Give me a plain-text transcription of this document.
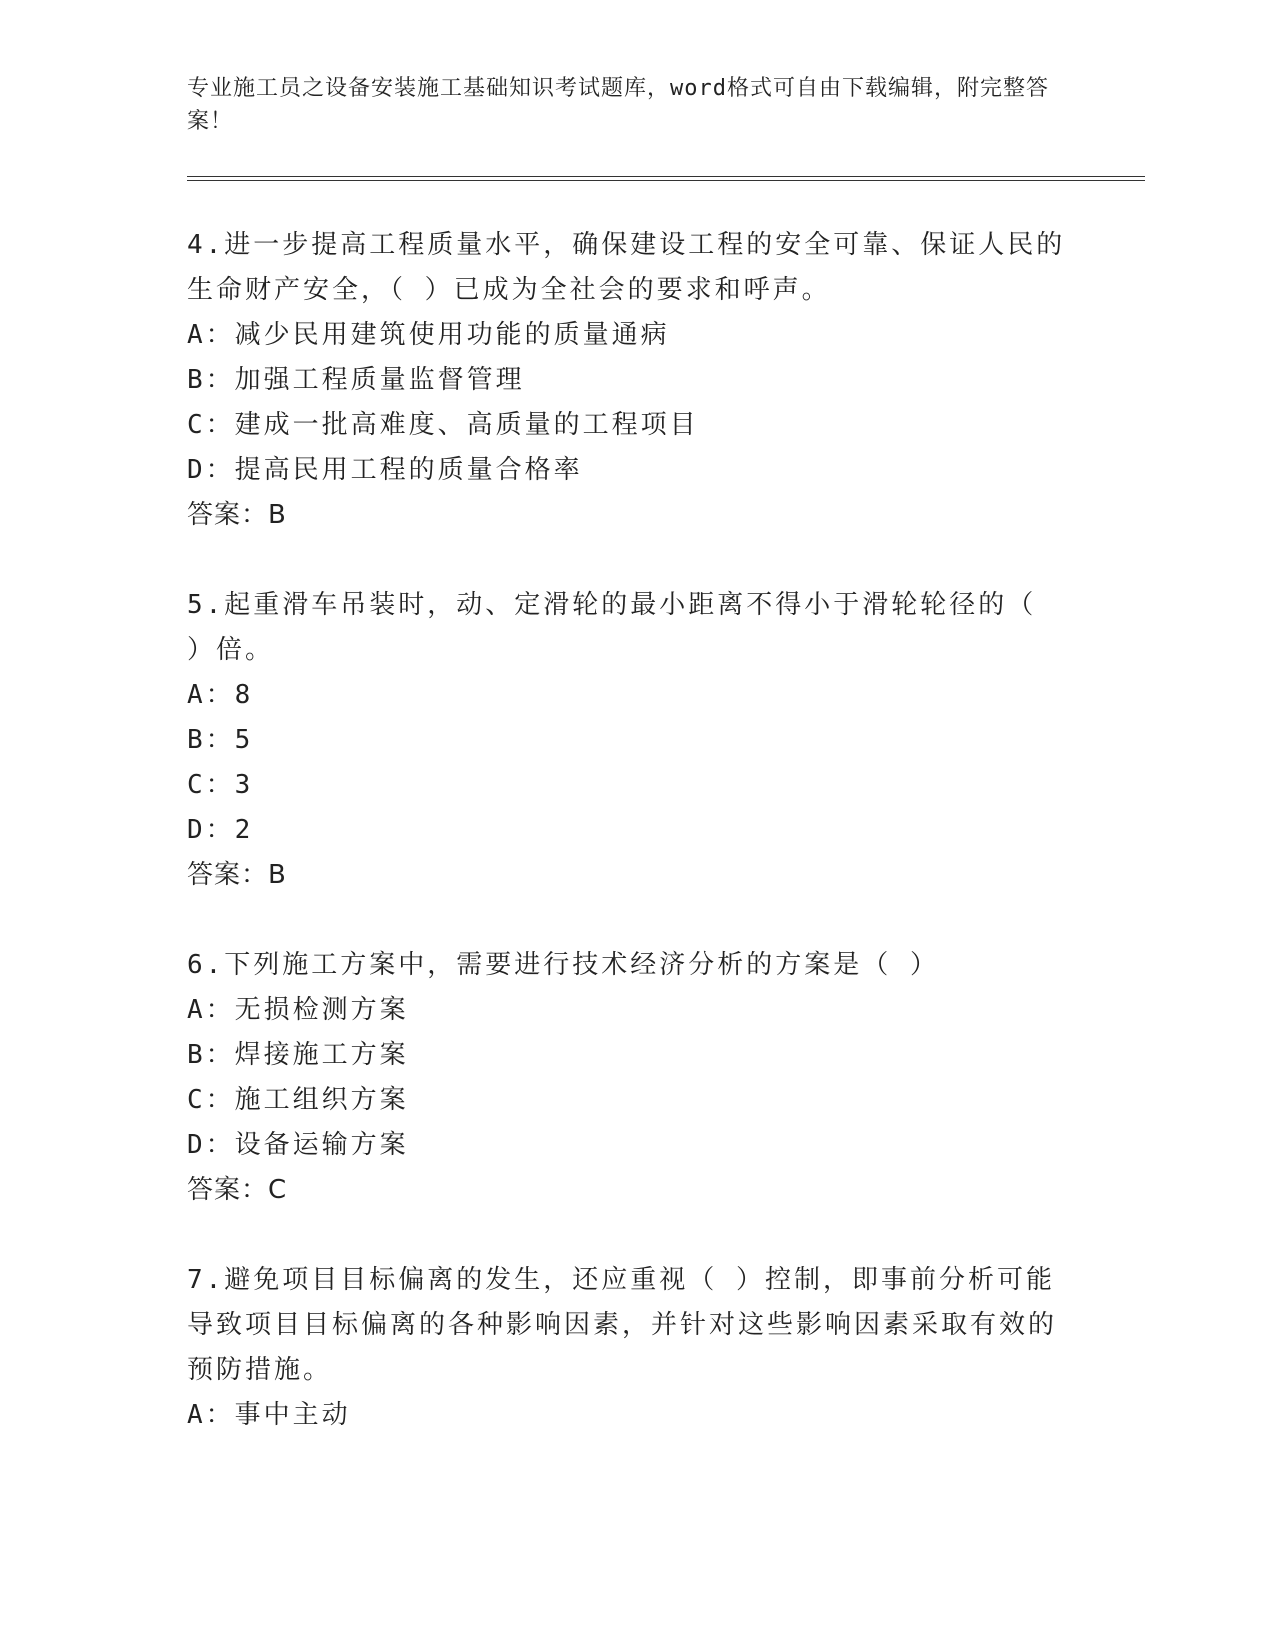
专业施工员之设备安装施工基础知识考试题库，word格式可自由下载编辑，附完整答案！

4.进一步提高工程质量水平，确保建设工程的安全可靠、保证人民的生命财产安全，（ ）已成为全社会的要求和呼声。

A：减少民用建筑使用功能的质量通病

B：加强工程质量监督管理

C：建成一批高难度、高质量的工程项目

D：提高民用工程的质量合格率

答案：B

5.起重滑车吊装时，动、定滑轮的最小距离不得小于滑轮轮径的（ ）倍。

A：8

B：5

C：3

D：2

答案：B

6.下列施工方案中，需要进行技术经济分析的方案是（ ）

A：无损检测方案

B：焊接施工方案

C：施工组织方案

D：设备运输方案

答案：C

7.避免项目目标偏离的发生，还应重视（ ）控制，即事前分析可能导致项目目标偏离的各种影响因素，并针对这些影响因素采取有效的预防措施。

A：事中主动
